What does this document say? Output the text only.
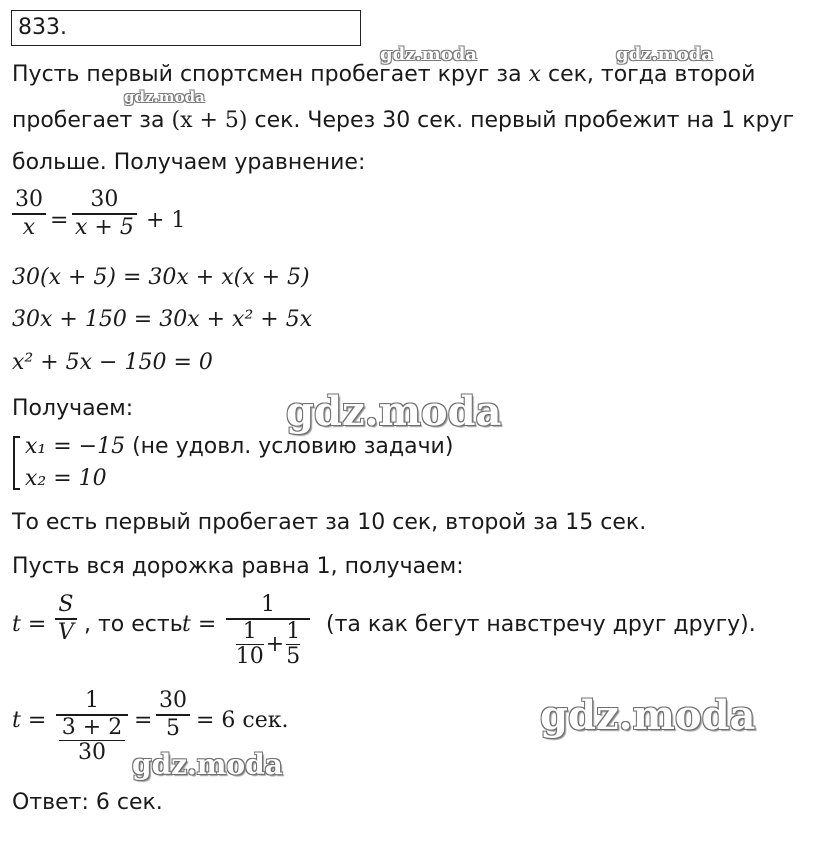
833.
Пусть первый спортсмен пробегает круг за x сек, тогда второй
пробегает за (x + 5) сек. Через 30 сек. первый пробежит на 1 круг
больше. Получаем уравнение:
30
x =
30
x + 5 + 1
30(x + 5) = 30x + x(x + 5)
30x + 150 = 30x + x² + 5x
x² + 5x − 150 = 0
Получаем:
x₁ = −15 (не удовл. условию задачи)
x₂ = 10
То есть первый пробегает за 10 сек, второй за 15 сек.
Пусть вся дорожка равна 1, получаем:
t =
S
V , то есть t =
1
1
10 +
1
5
(та как бегут навстречу друг другу).
t =
1
3 + 2
30
=
30
5 = 6 сек.
Ответ: 6 сек.
gdz.moda	gdz.moda
gdz.moda
gdz.moda
gdz.moda
gdz.moda
